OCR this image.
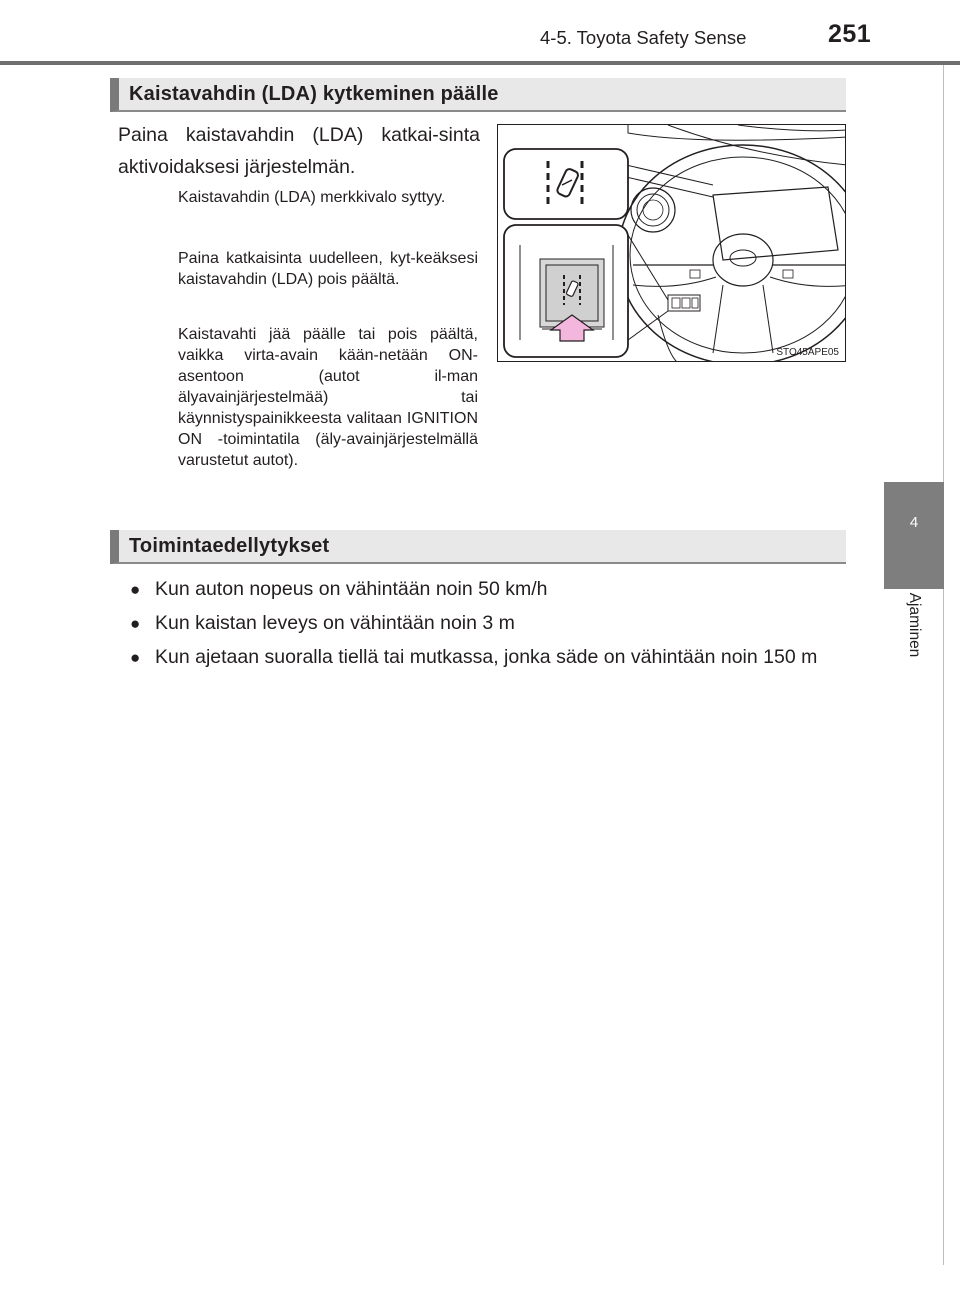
4-5. Toyota Safety Sense	251
4
Ajaminen
Kaistavahdin (LDA) kytkeminen päälle
Paina kaistavahdin (LDA) katkai-sinta aktivoidaksesi järjestelmän.
Kaistavahdin (LDA) merkkivalo syttyy.
Paina katkaisinta uudelleen, kyt-keäksesi kaistavahdin (LDA) pois päältä.
Kaistavahti jää päälle tai pois päältä, vaikka virta-avain kään-netään ON-asentoon (autot il-man älyavainjärjestelmää) tai käynnistyspainikkeesta valitaan IGNITION ON -toimintatila (äly-avainjärjestelmällä varustetut autot).
STO45APE05
Toimintaedellytykset
● Kun auton nopeus on vähintään noin 50 km/h
● Kun kaistan leveys on vähintään noin 3 m
● Kun ajetaan suoralla tiellä tai mutkassa, jonka säde on vähintään noin 150 m
